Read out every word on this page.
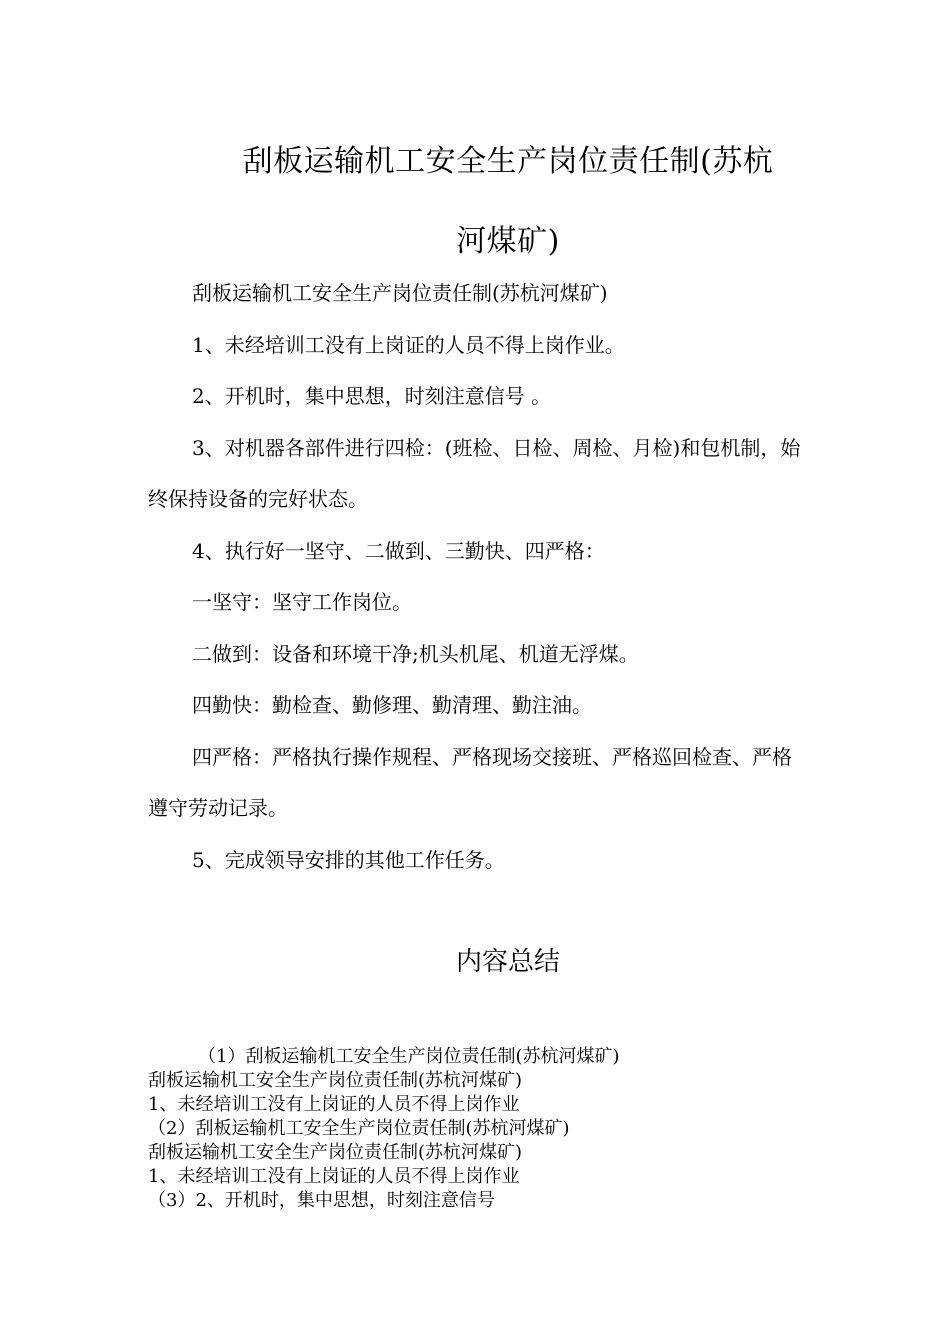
刮板运输机工安全生产岗位责任制(苏杭
河煤矿)

刮板运输机工安全生产岗位责任制(苏杭河煤矿)

1、未经培训工没有上岗证的人员不得上岗作业。

2、开机时，集中思想，时刻注意信号 。

3、对机器各部件进行四检：(班检、日检、周检、月检)和包机制，始终保持设备的完好状态。

4、执行好一坚守、二做到、三勤快、四严格：

一坚守：坚守工作岗位。

二做到：设备和环境干净;机头机尾、机道无浮煤。

四勤快：勤检查、勤修理、勤清理、勤注油。

四严格：严格执行操作规程、严格现场交接班、严格巡回检查、严格遵守劳动记录。

5、完成领导安排的其他工作任务。

内容总结

（1）刮板运输机工安全生产岗位责任制(苏杭河煤矿)

刮板运输机工安全生产岗位责任制(苏杭河煤矿)

1、未经培训工没有上岗证的人员不得上岗作业

（2）刮板运输机工安全生产岗位责任制(苏杭河煤矿)

刮板运输机工安全生产岗位责任制(苏杭河煤矿)

1、未经培训工没有上岗证的人员不得上岗作业

（3）2、开机时，集中思想，时刻注意信号
